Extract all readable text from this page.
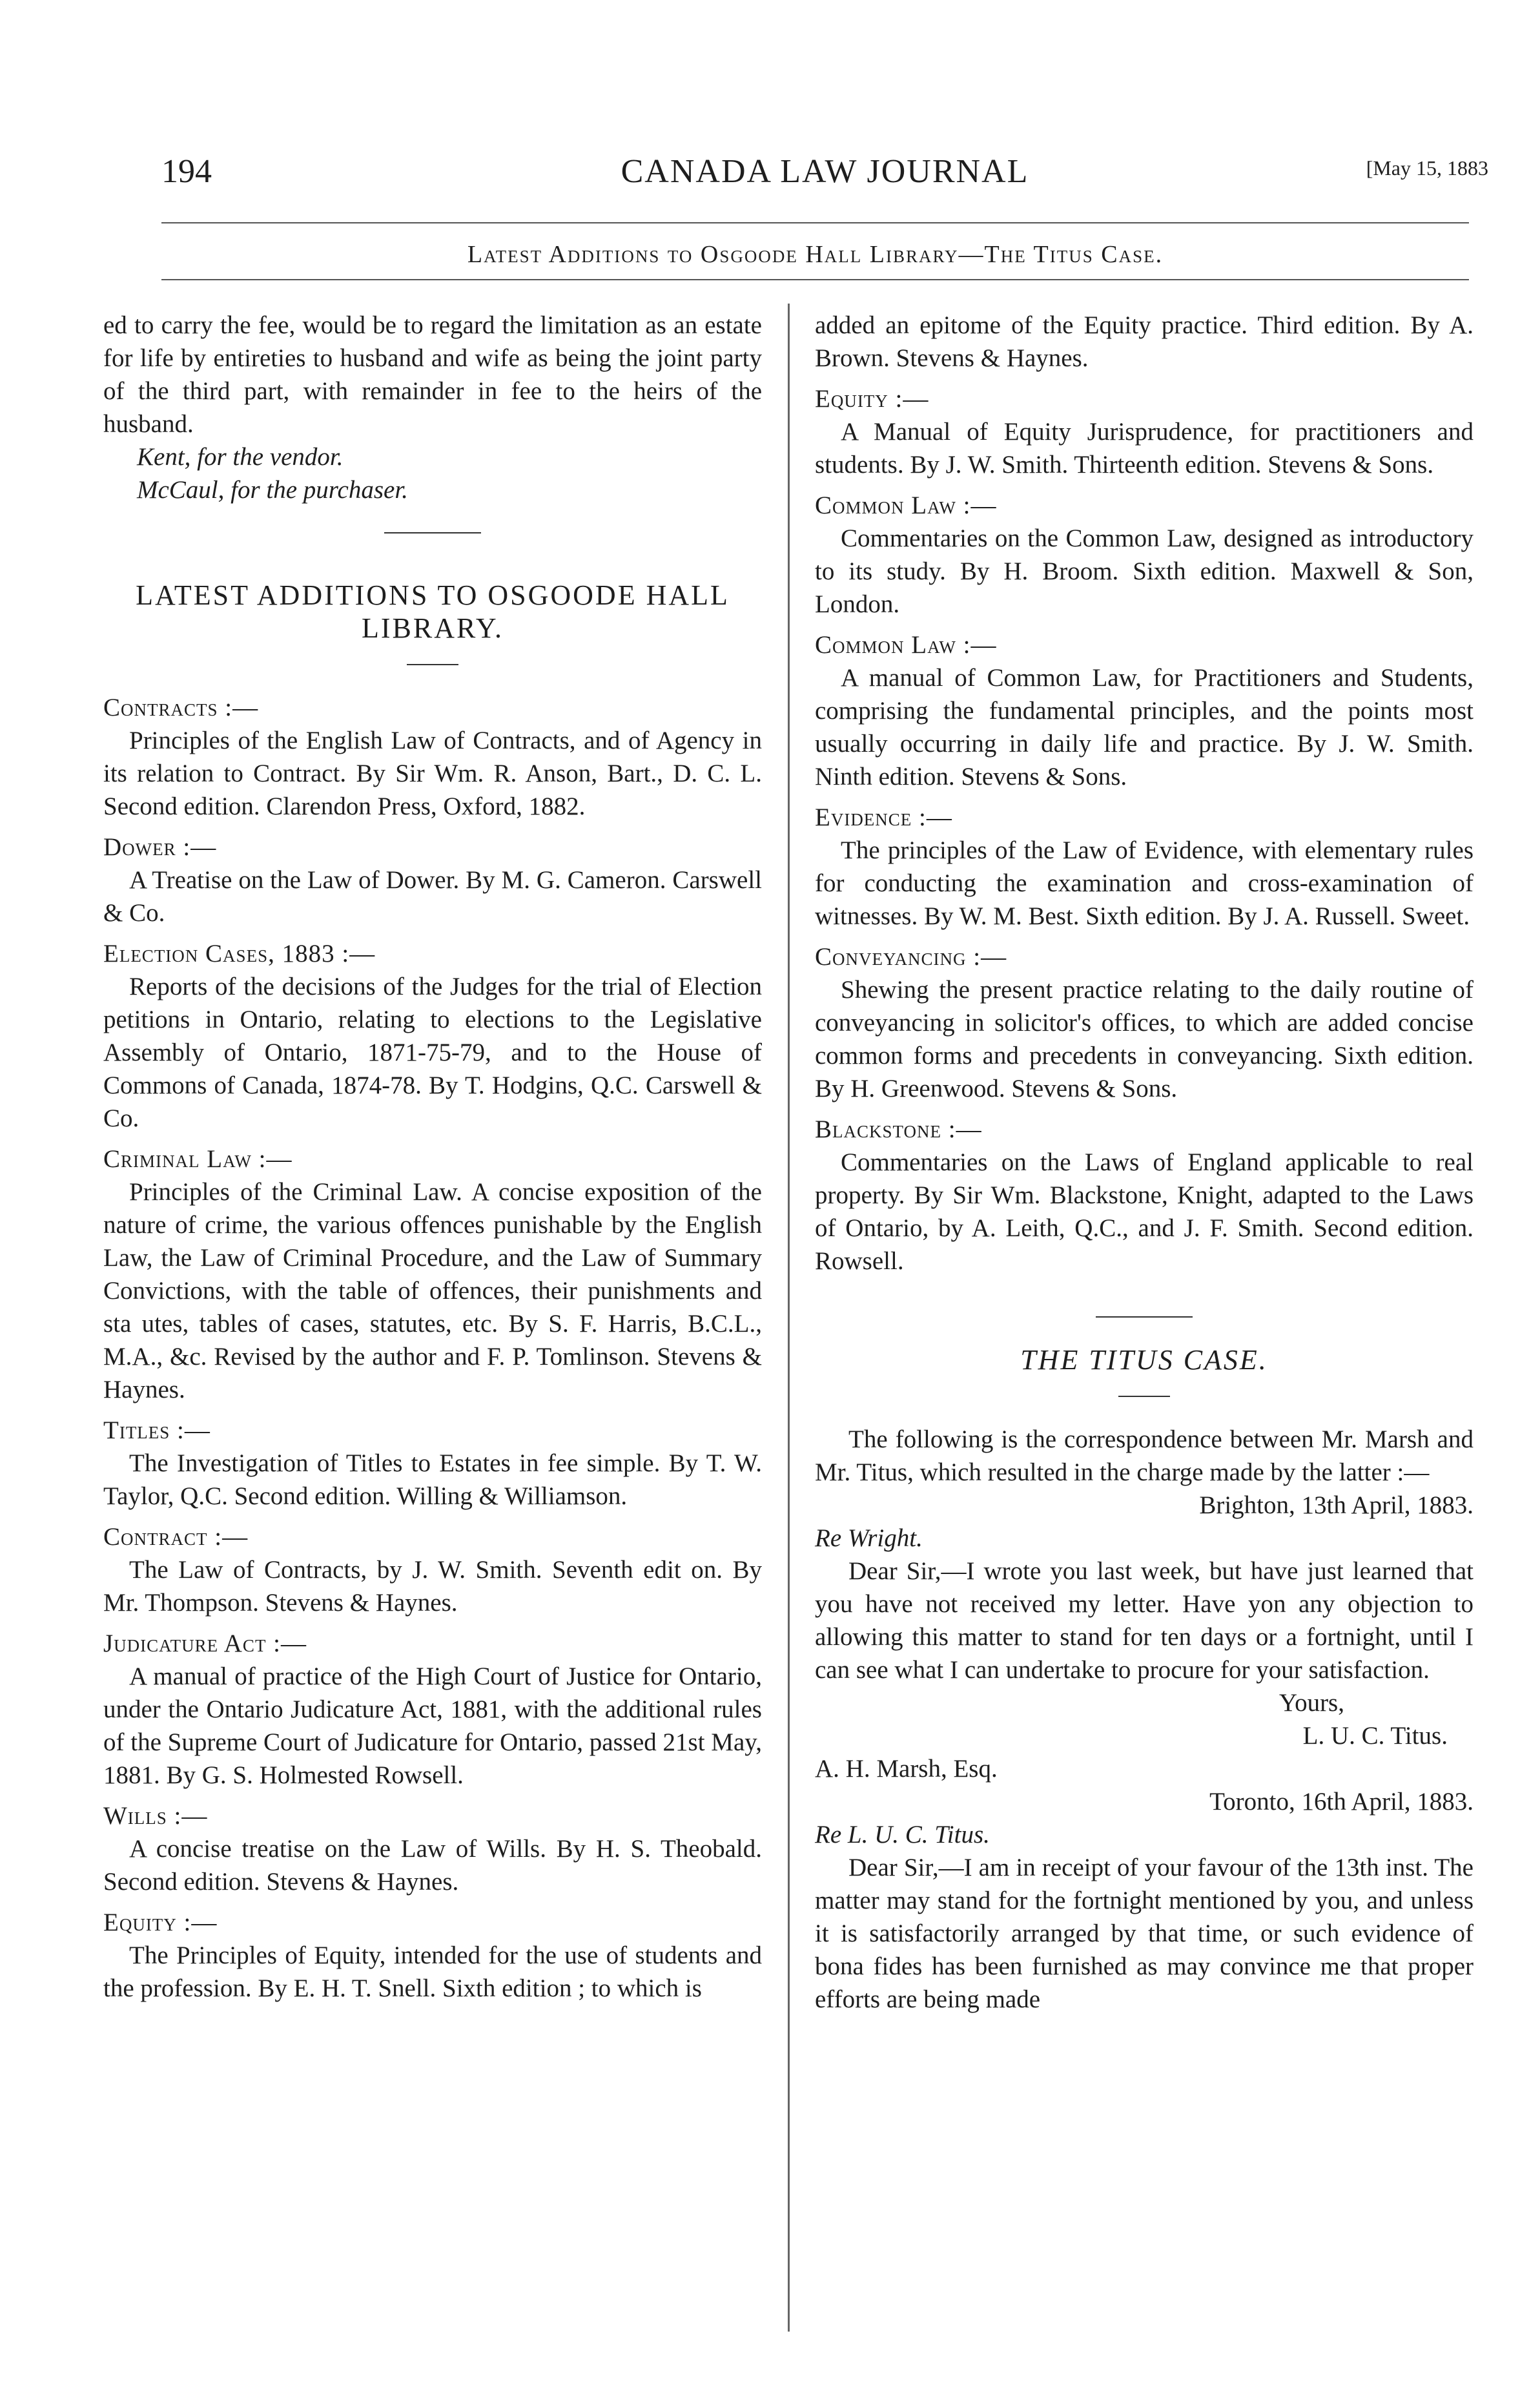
194	CANADA LAW JOURNAL	[May 15, 1883
Latest Additions to Osgoode Hall Library—The Titus Case.

ed to carry the fee, would be to regard the limitation as an estate for life by entireties to husband and wife as being the joint party of the third part, with remainder in fee to the heirs of the husband.

Kent, for the vendor.

McCaul, for the purchaser.

LATEST ADDITIONS TO OSGOODE HALL LIBRARY.

Contracts :—

Principles of the English Law of Contracts, and of Agency in its relation to Contract. By Sir Wm. R. Anson, Bart., D. C. L. Second edition. Clarendon Press, Oxford, 1882.

Dower :—

A Treatise on the Law of Dower. By M. G. Cameron. Carswell & Co.

Election Cases, 1883 :—

Reports of the decisions of the Judges for the trial of Election petitions in Ontario, relating to elections to the Legislative Assembly of Ontario, 1871-75-79, and to the House of Commons of Canada, 1874-78. By T. Hodgins, Q.C. Carswell & Co.

Criminal Law :—

Principles of the Criminal Law. A concise exposition of the nature of crime, the various offences punishable by the English Law, the Law of Criminal Procedure, and the Law of Summary Convictions, with the table of offences, their punishments and sta utes, tables of cases, statutes, etc. By S. F. Harris, B.C.L., M.A., &c. Revised by the author and F. P. Tomlinson. Stevens & Haynes.

Titles :—

The Investigation of Titles to Estates in fee simple. By T. W. Taylor, Q.C. Second edition. Willing & Williamson.

Contract :—

The Law of Contracts, by J. W. Smith. Seventh edit on. By Mr. Thompson. Stevens & Haynes.

Judicature Act :—

A manual of practice of the High Court of Justice for Ontario, under the Ontario Judicature Act, 1881, with the additional rules of the Supreme Court of Judicature for Ontario, passed 21st May, 1881. By G. S. Holmested Rowsell.

Wills :—

A concise treatise on the Law of Wills. By H. S. Theobald. Second edition. Stevens & Haynes.

Equity :—

The Principles of Equity, intended for the use of students and the profession. By E. H. T. Snell. Sixth edition ; to which is

added an epitome of the Equity practice. Third edition. By A. Brown. Stevens & Haynes.

Equity :—

A Manual of Equity Jurisprudence, for practitioners and students. By J. W. Smith. Thirteenth edition. Stevens & Sons.

Common Law :—

Commentaries on the Common Law, designed as introductory to its study. By H. Broom. Sixth edition. Maxwell & Son, London.

Common Law :—

A manual of Common Law, for Practitioners and Students, comprising the fundamental principles, and the points most usually occurring in daily life and practice. By J. W. Smith. Ninth edition. Stevens & Sons.

Evidence :—

The principles of the Law of Evidence, with elementary rules for conducting the examination and cross-examination of witnesses. By W. M. Best. Sixth edition. By J. A. Russell. Sweet.

Conveyancing :—

Shewing the present practice relating to the daily routine of conveyancing in solicitor's offices, to which are added concise common forms and precedents in conveyancing. Sixth edition. By H. Greenwood. Stevens & Sons.

Blackstone :—

Commentaries on the Laws of England applicable to real property. By Sir Wm. Blackstone, Knight, adapted to the Laws of Ontario, by A. Leith, Q.C., and J. F. Smith. Second edition. Rowsell.

THE TITUS CASE.

The following is the correspondence between Mr. Marsh and Mr. Titus, which resulted in the charge made by the latter :—

Brighton, 13th April, 1883.

Re Wright.

Dear Sir,—I wrote you last week, but have just learned that you have not received my letter. Have yon any objection to allowing this matter to stand for ten days or a fortnight, until I can see what I can undertake to procure for your satisfaction.

Yours,

L. U. C. Titus.

A. H. Marsh, Esq.

Toronto, 16th April, 1883.

Re L. U. C. Titus.

Dear Sir,—I am in receipt of your favour of the 13th inst. The matter may stand for the fortnight mentioned by you, and unless it is satisfactorily arranged by that time, or such evidence of bona fides has been furnished as may convince me that proper efforts are being made
